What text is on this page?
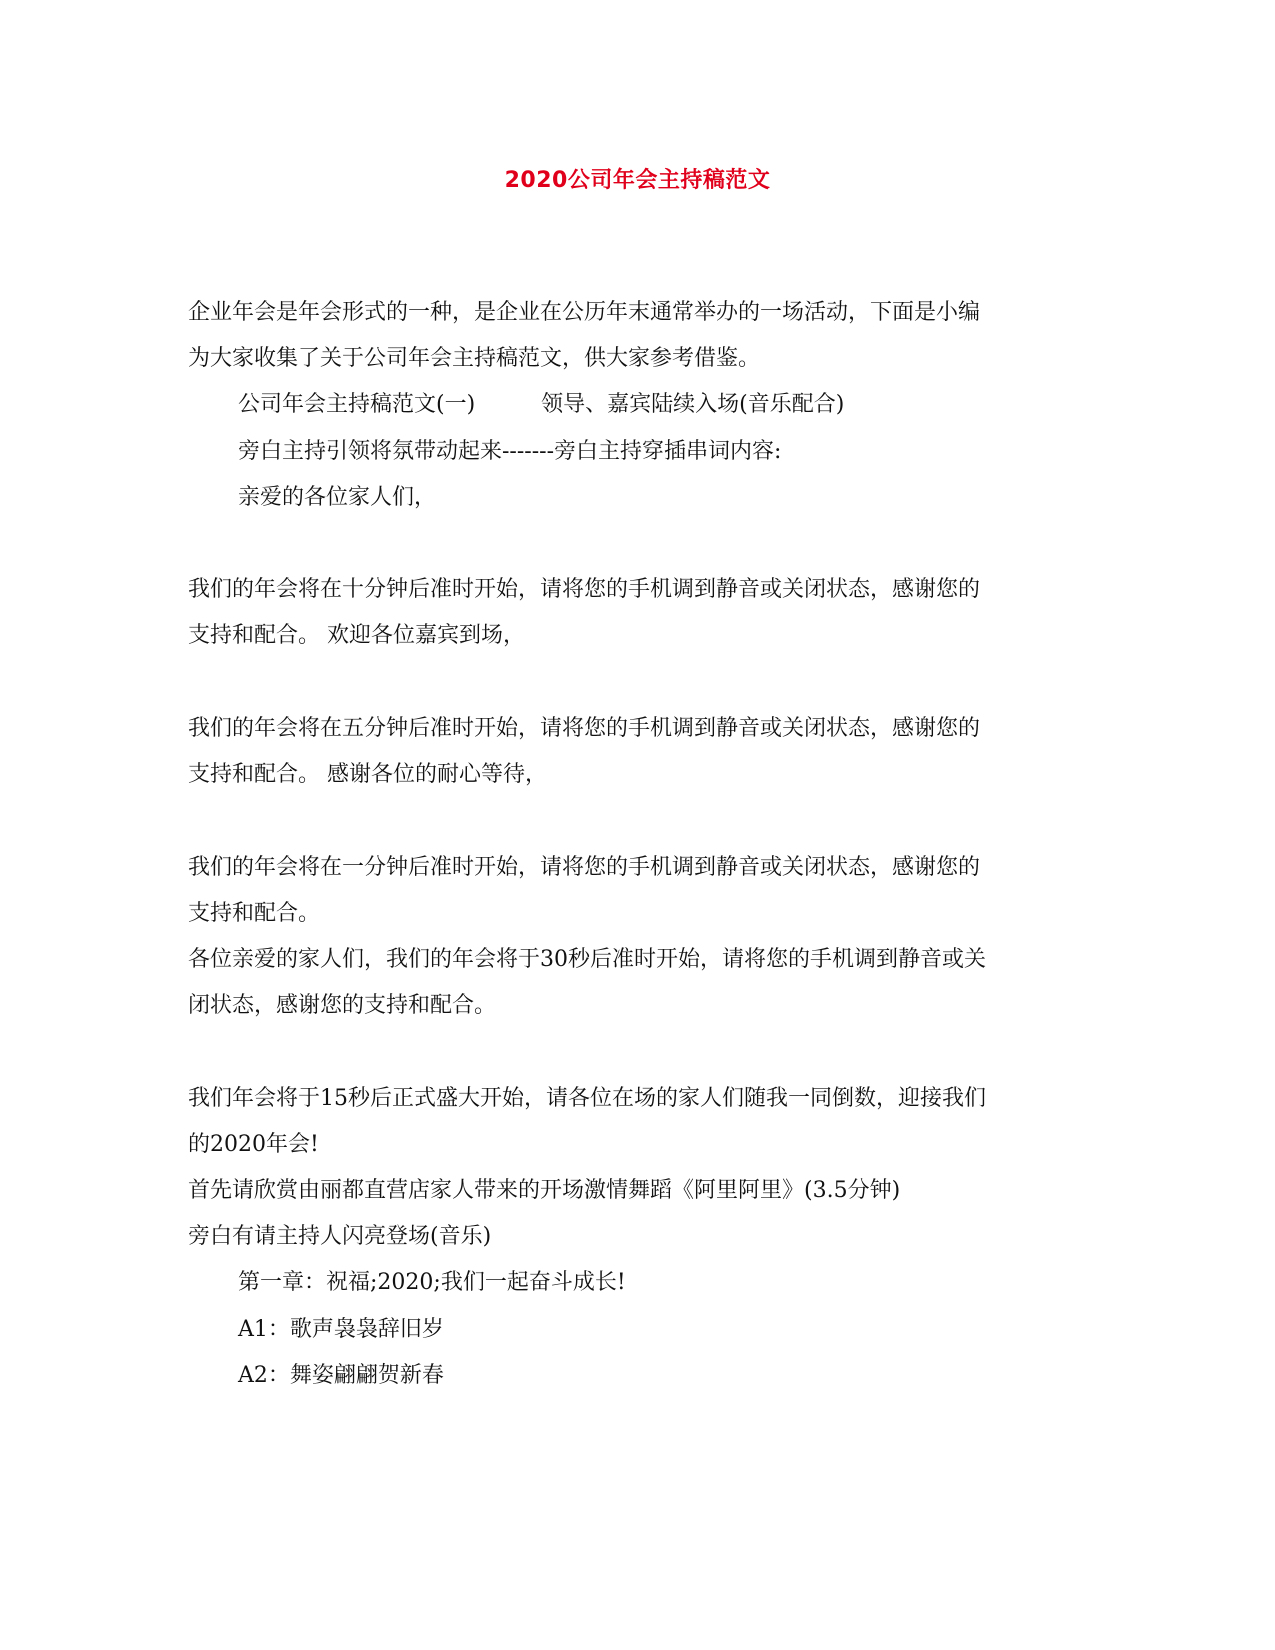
2020公司年会主持稿范文
企业年会是年会形式的一种，是企业在公历年末通常举办的一场活动，下面是小编
为大家收集了关于公司年会主持稿范文，供大家参考借鉴。
公司年会主持稿范文(一)　　　领导、嘉宾陆续入场(音乐配合)
旁白主持引领将氛带动起来-------旁白主持穿插串词内容:
亲爱的各位家人们，
我们的年会将在十分钟后准时开始，请将您的手机调到静音或关闭状态，感谢您的
支持和配合。 欢迎各位嘉宾到场，
我们的年会将在五分钟后准时开始，请将您的手机调到静音或关闭状态，感谢您的
支持和配合。 感谢各位的耐心等待，
我们的年会将在一分钟后准时开始，请将您的手机调到静音或关闭状态，感谢您的
支持和配合。
各位亲爱的家人们，我们的年会将于30秒后准时开始，请将您的手机调到静音或关
闭状态，感谢您的支持和配合。
我们年会将于15秒后正式盛大开始，请各位在场的家人们随我一同倒数，迎接我们
的2020年会!
首先请欣赏由丽都直营店家人带来的开场激情舞蹈《阿里阿里》(3.5分钟)
旁白有请主持人闪亮登场(音乐)
第一章：祝福;2020;我们一起奋斗成长!
A1：歌声袅袅辞旧岁
A2：舞姿翩翩贺新春
